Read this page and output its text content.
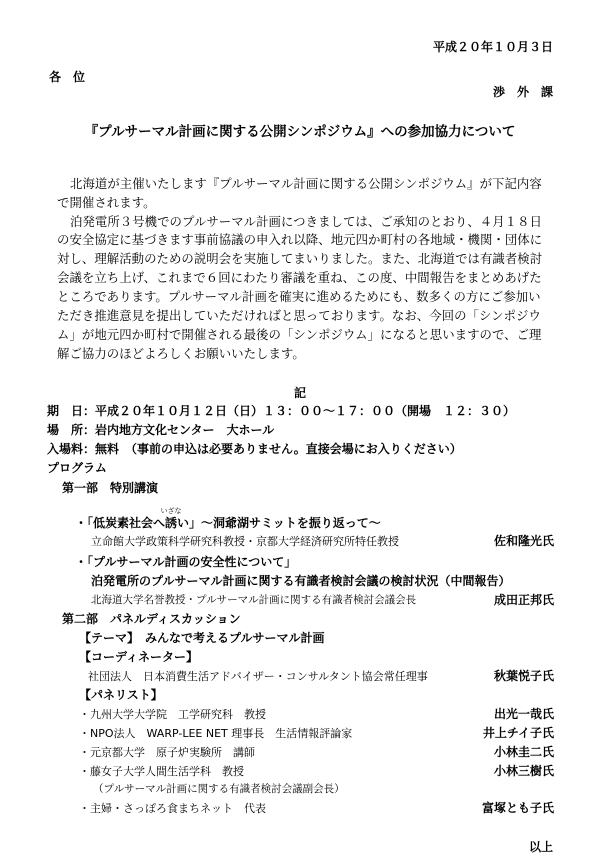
平成２０年１０月３日
各　位
渉　外　課
『プルサーマル計画に関する公開シンポジウム』への参加協力について
北海道が主催いたします『プルサーマル計画に関する公開シンポジウム』が下記内容
で開催されます。
泊発電所３号機でのプルサーマル計画につきましては、ご承知のとおり、４月１８日
の安全協定に基づきます事前協議の申入れ以降、地元四か町村の各地域・機関・団体に
対し、理解活動のための説明会を実施してまいりました。また、北海道では有識者検討
会議を立ち上げ、これまで６回にわたり審議を重ね、この度、中間報告をまとめあげた
ところであります。プルサーマル計画を確実に進めるためにも、数多くの方にご参加い
ただき推進意見を提出していただければと思っております。なお、今回の「シンポジウ
ム」が地元四か町村で開催される最後の「シンポジウム」になると思いますので、ご理
解ご協力のほどよろしくお願いいたします。
記
期　日：平成２０年１０月１２日（日）１３：００〜１７：００（開場　１２：３０）
場　所：岩内地方文化センター　大ホール
入場料：無料　（事前の申込は必要ありません。直接会場にお入りください）
プログラム
第一部　特別講演
・「低炭素社会へ誘
いざな
い」〜洞爺湖サミットを振り返って〜
立命館大学政策科学研究科教授・京都大学経済研究所特任教授	佐和隆光氏
・「プルサーマル計画の安全性について」
泊発電所のプルサーマル計画に関する有識者検討会議の検討状況（中間報告）
北海道大学名誉教授・プルサーマル計画に関する有識者検討会議会長	成田正邦氏
第二部　パネルディスカッション
【テーマ】　みんなで考えるプルサーマル計画
【コーディネーター】
社団法人　日本消費生活アドバイザー・コンサルタント協会常任理事	秋葉悦子氏
【パネリスト】
・九州大学大学院　工学研究科　教授	出光一哉氏
・NPO法人　WARP-LEE NET 理事長　生活情報評論家	井上チイ子氏
・元京都大学　原子炉実験所　講師	小林圭二氏
・藤女子大学人間生活学科　教授	小林三樹氏
（プルサーマル計画に関する有識者検討会議副会長）
・主婦・さっぽろ食まちネット　代表	富塚とも子氏
以上
